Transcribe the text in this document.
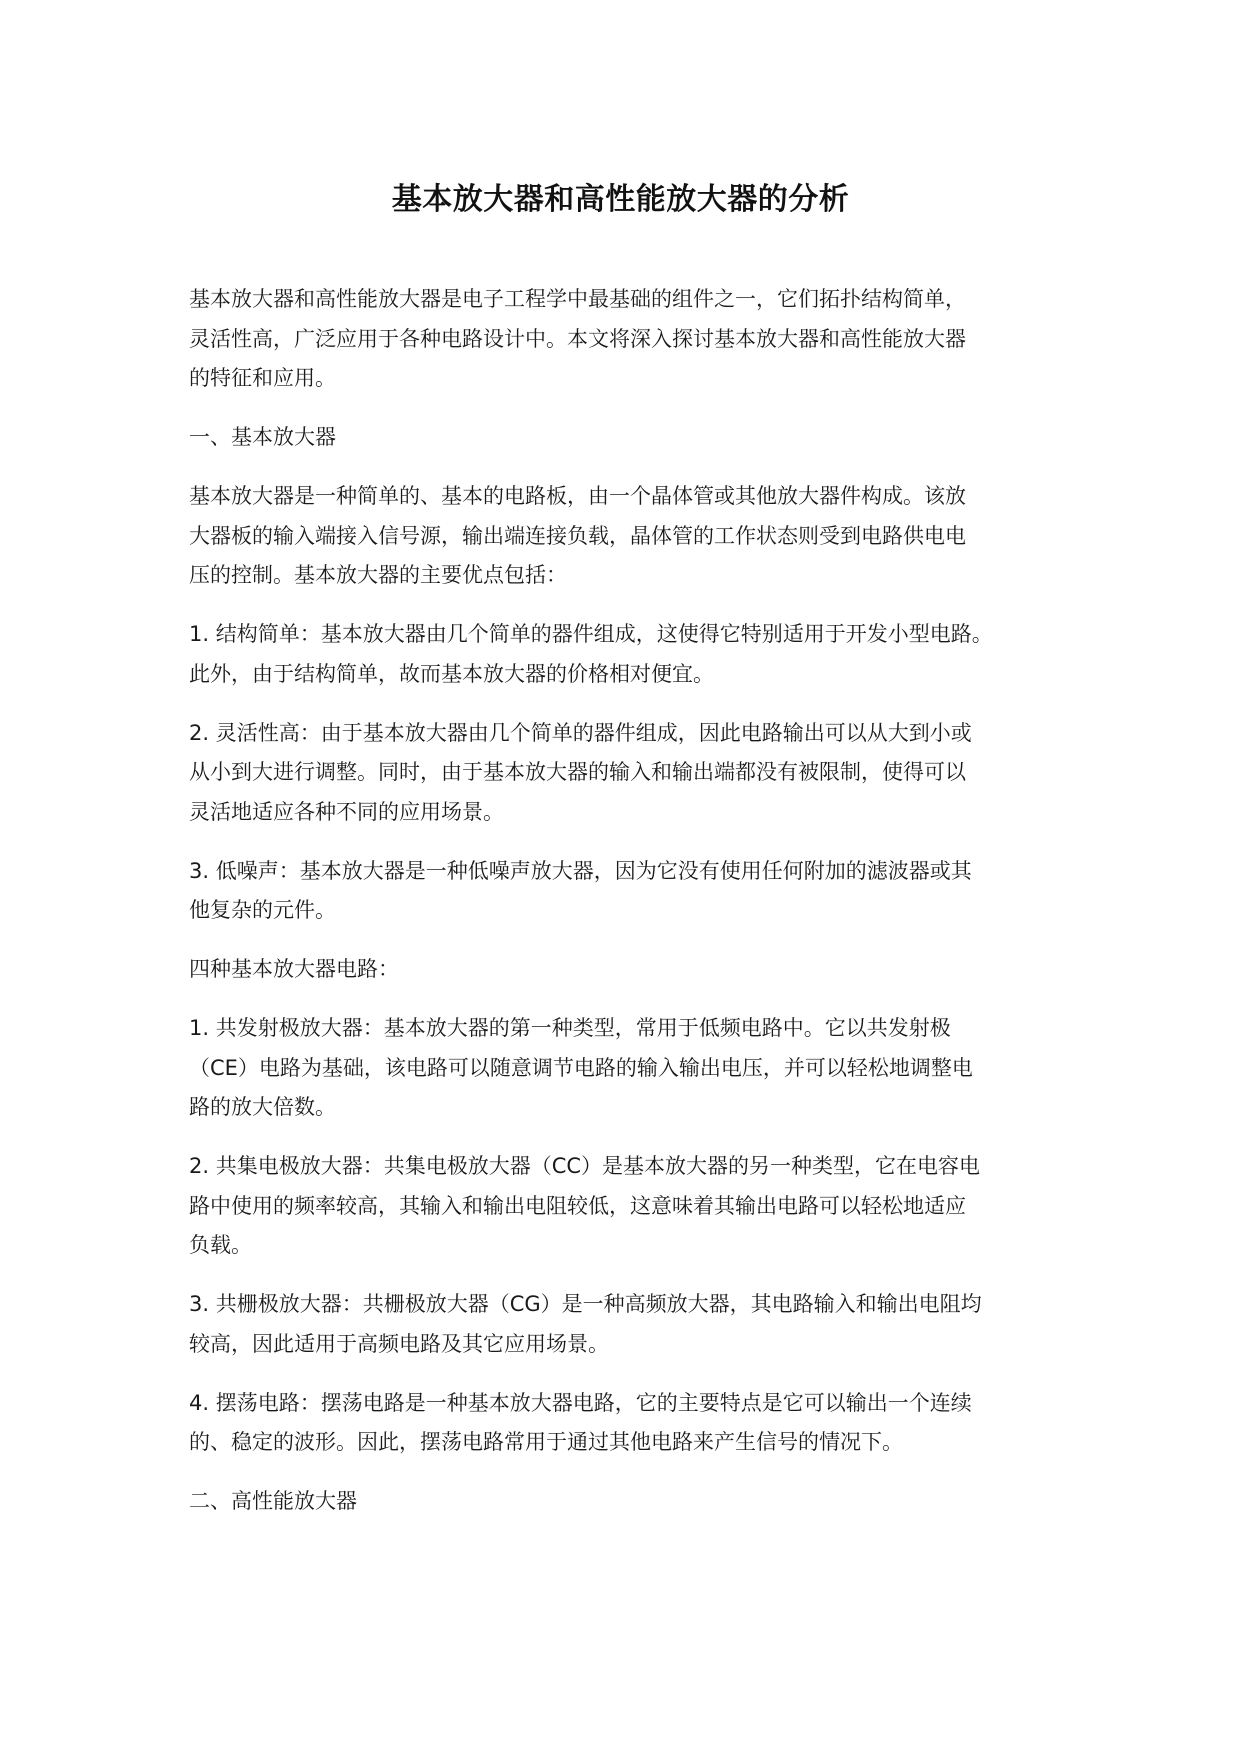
基本放大器和高性能放大器的分析
基本放大器和高性能放大器是电子工程学中最基础的组件之一，它们拓扑结构简单，
灵活性高，广泛应用于各种电路设计中。本文将深入探讨基本放大器和高性能放大器
的特征和应用。
一、基本放大器
基本放大器是一种简单的、基本的电路板，由一个晶体管或其他放大器件构成。该放
大器板的输入端接入信号源，输出端连接负载，晶体管的工作状态则受到电路供电电
压的控制。基本放大器的主要优点包括：
1. 结构简单：基本放大器由几个简单的器件组成，这使得它特别适用于开发小型电路。
此外，由于结构简单，故而基本放大器的价格相对便宜。
2. 灵活性高：由于基本放大器由几个简单的器件组成，因此电路输出可以从大到小或
从小到大进行调整。同时，由于基本放大器的输入和输出端都没有被限制，使得可以
灵活地适应各种不同的应用场景。
3. 低噪声：基本放大器是一种低噪声放大器，因为它没有使用任何附加的滤波器或其
他复杂的元件。
四种基本放大器电路：
1. 共发射极放大器：基本放大器的第一种类型，常用于低频电路中。它以共发射极
（CE）电路为基础，该电路可以随意调节电路的输入输出电压，并可以轻松地调整电
路的放大倍数。
2. 共集电极放大器：共集电极放大器（CC）是基本放大器的另一种类型，它在电容电
路中使用的频率较高，其输入和输出电阻较低，这意味着其输出电路可以轻松地适应
负载。
3. 共栅极放大器：共栅极放大器（CG）是一种高频放大器，其电路输入和输出电阻均
较高，因此适用于高频电路及其它应用场景。
4. 摆荡电路：摆荡电路是一种基本放大器电路，它的主要特点是它可以输出一个连续
的、稳定的波形。因此，摆荡电路常用于通过其他电路来产生信号的情况下。
二、高性能放大器
